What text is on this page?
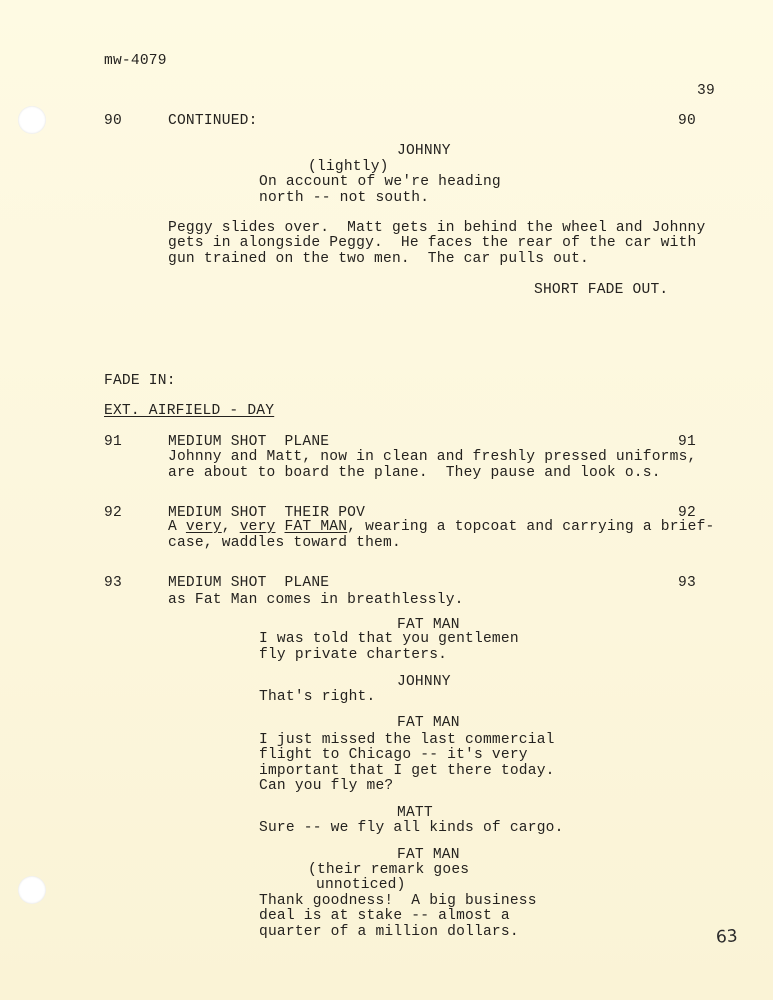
mw-4079
39
90	CONTINUED:	90
JOHNNY
(lightly)
On account of we're heading
north -- not south.
Peggy slides over.  Matt gets in behind the wheel and Johnny
gets in alongside Peggy.  He faces the rear of the car with
gun trained on the two men.  The car pulls out.
SHORT FADE OUT.
FADE IN:
EXT. AIRFIELD - DAY
91	MEDIUM SHOT  PLANE	91
Johnny and Matt, now in clean and freshly pressed uniforms,
are about to board the plane.  They pause and look o.s.
92	MEDIUM SHOT  THEIR POV	92
A very, very FAT MAN, wearing a topcoat and carrying a brief-
case, waddles toward them.
93	MEDIUM SHOT  PLANE	93
as Fat Man comes in breathlessly.
FAT MAN
I was told that you gentlemen
fly private charters.
JOHNNY
That's right.
FAT MAN
I just missed the last commercial
flight to Chicago -- it's very
important that I get there today.
Can you fly me?
MATT
Sure -- we fly all kinds of cargo.
FAT MAN
(their remark goes
unnoticed)
Thank goodness!  A big business
deal is at stake -- almost a
quarter of a million dollars.	63
